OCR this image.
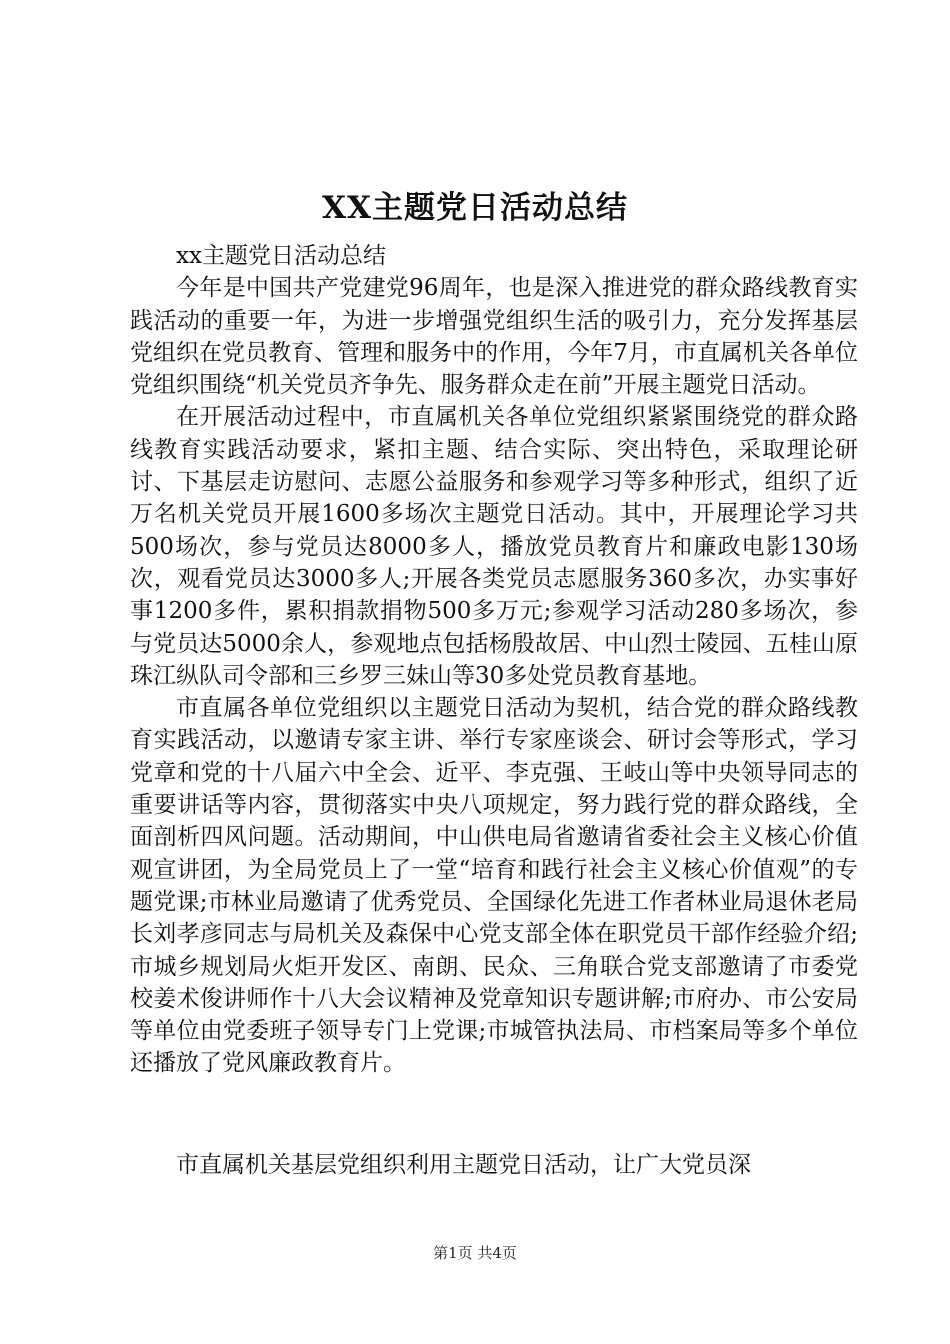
XX主题党日活动总结

xx主题党日活动总结

今年是中国共产党建党96周年，也是深入推进党的群众路线教育实践活动的重要一年，为进一步增强党组织生活的吸引力，充分发挥基层党组织在党员教育、管理和服务中的作用，今年7月，市直属机关各单位党组织围绕“机关党员齐争先、服务群众走在前”开展主题党日活动。

在开展活动过程中，市直属机关各单位党组织紧紧围绕党的群众路线教育实践活动要求，紧扣主题、结合实际、突出特色，采取理论研讨、下基层走访慰问、志愿公益服务和参观学习等多种形式，组织了近万名机关党员开展1600多场次主题党日活动。其中，开展理论学习共500场次，参与党员达8000多人，播放党员教育片和廉政电影130场次，观看党员达3000多人;开展各类党员志愿服务360多次，办实事好事1200多件，累积捐款捐物500多万元;参观学习活动280多场次，参与党员达5000余人，参观地点包括杨殷故居、中山烈士陵园、五桂山原珠江纵队司令部和三乡罗三妹山等30多处党员教育基地。

市直属各单位党组织以主题党日活动为契机，结合党的群众路线教育实践活动，以邀请专家主讲、举行专家座谈会、研讨会等形式，学习党章和党的十八届六中全会、近平、李克强、王岐山等中央领导同志的重要讲话等内容，贯彻落实中央八项规定，努力践行党的群众路线，全面剖析四风问题。活动期间，中山供电局省邀请省委社会主义核心价值观宣讲团，为全局党员上了一堂“培育和践行社会主义核心价值观”的专题党课;市林业局邀请了优秀党员、全国绿化先进工作者林业局退休老局长刘孝彦同志与局机关及森保中心党支部全体在职党员干部作经验介绍;市城乡规划局火炬开发区、南朗、民众、三角联合党支部邀请了市委党校姜术俊讲师作十八大会议精神及党章知识专题讲解;市府办、市公安局等单位由党委班子领导专门上党课;市城管执法局、市档案局等多个单位还播放了党风廉政教育片。

市直属机关基层党组织利用主题党日活动，让广大党员深

第1页 共4页
